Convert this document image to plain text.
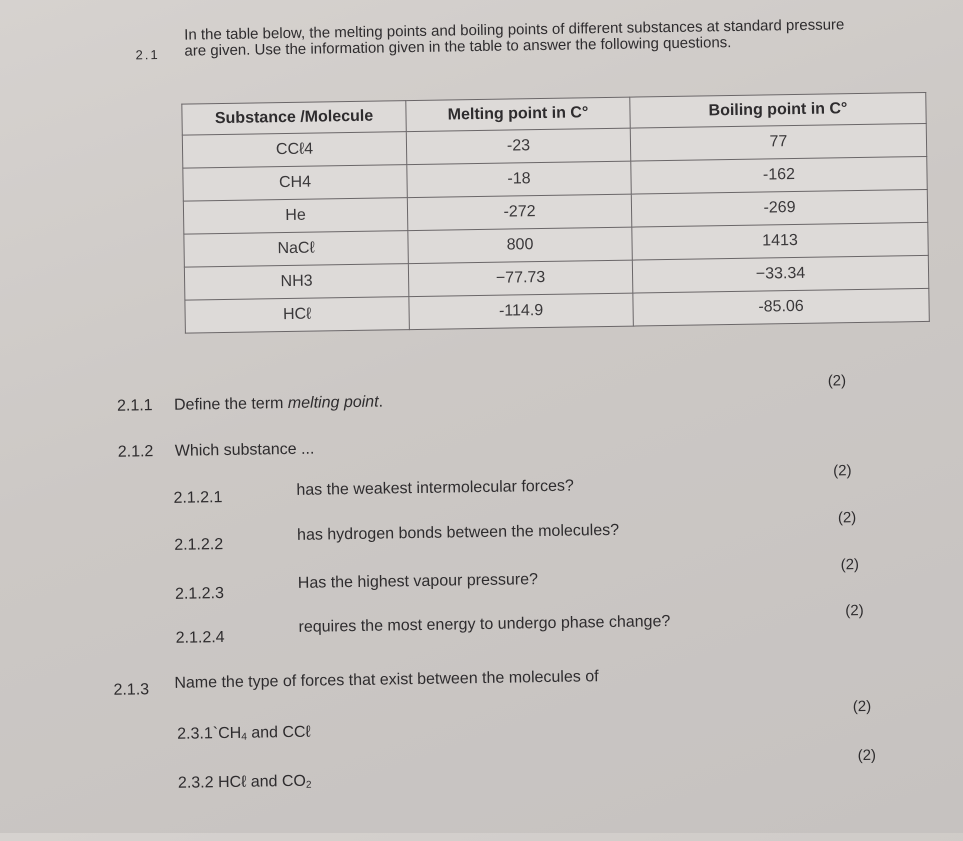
2.1
In the table below, the melting points and boiling points of different substances at standard pressure are given. Use the information given in the table to answer the following questions.
Substance /Molecule	Melting point in C°	Boiling point in C°
CCℓ4	-23	77
CH4	-18	-162
He	-272	-269
NaCℓ	800	1413
NH3	−77.73	−33.34
HCℓ	-114.9	-85.06
2.1.1 Define the term melting point.
(2)
2.1.2 Which substance ...
2.1.2.1	has the weakest intermolecular forces?
(2)
2.1.2.2
has hydrogen bonds between the molecules?
(2)
2.1.2.3
Has the highest vapour pressure?
(2)
2.1.2.4
requires the most energy to undergo phase change?
(2)
2.1.3 Name the type of forces that exist between the molecules of
$2.3.1`CH_4$ and CCℓ
(2)
2.3.2 HCℓ and $CO_2$
(2)
